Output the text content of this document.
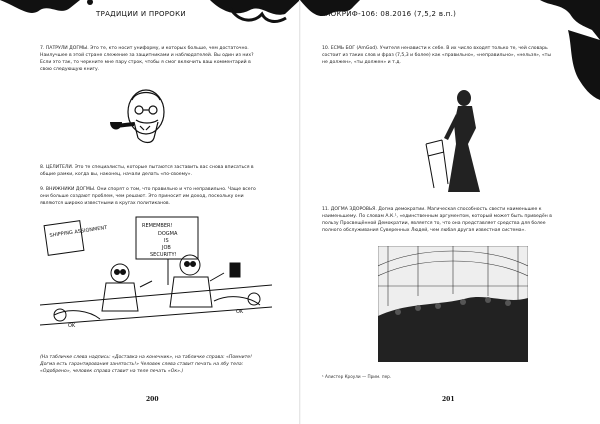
ТРАДИЦИИ И ПРОРОКИ

7. ПАТРУЛИ ДОГМЫ. Это те, кто носит униформу, и которых больше, чем достаточно. Наилучшее в этой стране слежение за защитниками и наблюдателей. Вы один из них? Если это так, то черкните мне пару строк, чтобы я смог включить ваш комментарий в свою следующую книгу.

8. ЦЕЛИТЕЛИ. Это те специалисты, которые пытаются заставить вас снова вписаться в общие рамки, когда вы, наконец, начали делать «по-своему».

9. ВНИЖНИКИ ДОГМЫ. Они спорят о том, что правильно и что неправильно. Чаще всего они больше создают проблем, чем решают. Это приносит им доход, поскольку они являются широко известными в кругах политиканов.

SHIPPING ASSIGNMENT	REMEMBER!
DOGMA
IS
JOB
SECURITY!
OK
OK

(На табличке слева надпись: «Доставка на конечник», на табличке справа: «Помните! Догма есть гарантирования занятость!» Человек слева ставит печать на лбу тела: «Одобрено», человек справа ставит на теле печать «Ок».)

200
АПОКРИФ-106: 08.2016 (7,5,2 в.п.)

10. ЕСМЬ БОГ (AmGod). Учителя ненависти к себе. В их число входят только те, чей словарь состоит из таких слов и фраз (7,5,3 и более) как «правильно», «неправильно», «нельзя», «ты не должен», «ты должен» и т.д.

11. ДОГМА ЗДОРОВЬЯ. Догма демократии. Магическая способность свести наименьшее к наименьшему. По словам А.К.¹, «единственным аргументом, который может быть приведён в пользу Просвещённой Демократии, является то, что она представляет средства для более полного обслуживания Суверенных Людей, чем любая другая известная система».

¹ Алистер Кроули — Прим. пер.
201
